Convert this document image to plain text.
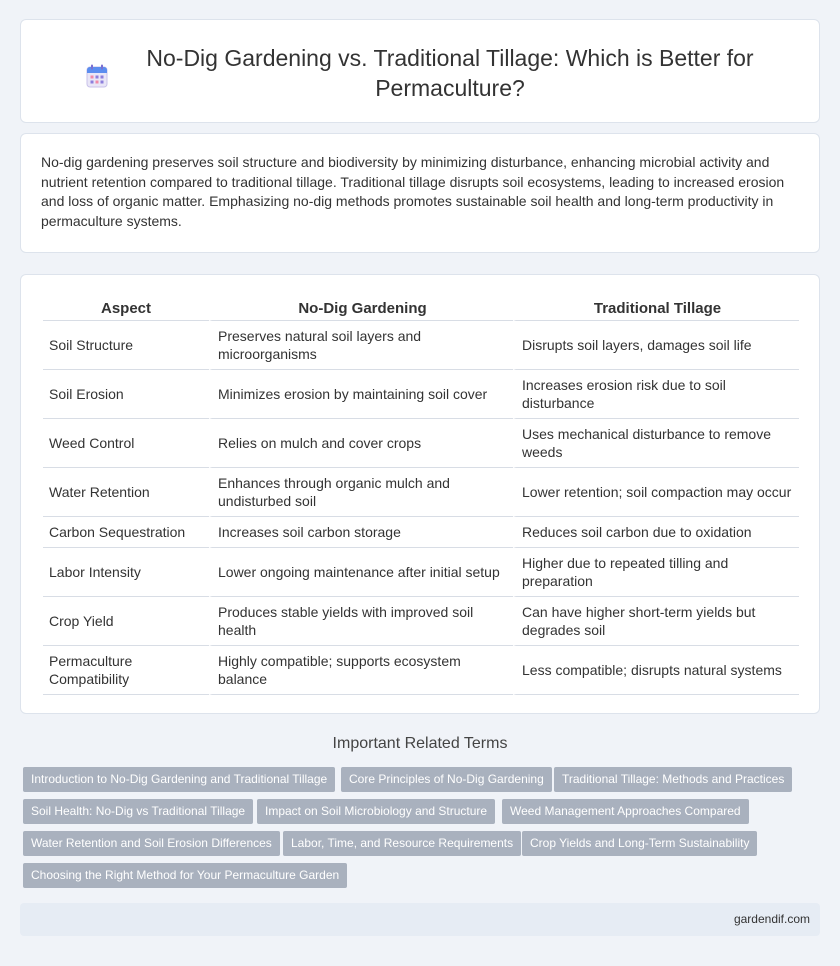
No-Dig Gardening vs. Traditional Tillage: Which is Better for Permaculture?

No-dig gardening preserves soil structure and biodiversity by minimizing disturbance, enhancing microbial activity and nutrient retention compared to traditional tillage. Traditional tillage disrupts soil ecosystems, leading to increased erosion and loss of organic matter. Emphasizing no-dig methods promotes sustainable soil health and long-term productivity in permaculture systems.

Aspect	No-Dig Gardening	Traditional Tillage
Soil Structure	Preserves natural soil layers and microorganisms	Disrupts soil layers, damages soil life
Soil Erosion	Minimizes erosion by maintaining soil cover	Increases erosion risk due to soil disturbance
Weed Control	Relies on mulch and cover crops	Uses mechanical disturbance to remove weeds
Water Retention	Enhances through organic mulch and undisturbed soil	Lower retention; soil compaction may occur
Carbon Sequestration	Increases soil carbon storage	Reduces soil carbon due to oxidation
Labor Intensity	Lower ongoing maintenance after initial setup	Higher due to repeated tilling and preparation
Crop Yield	Produces stable yields with improved soil health	Can have higher short-term yields but degrades soil
Permaculture Compatibility	Highly compatible; supports ecosystem balance	Less compatible; disrupts natural systems
Important Related Terms
Introduction to No-Dig Gardening and Traditional Tillage	Core Principles of No-Dig Gardening	Traditional Tillage: Methods and Practices
Soil Health: No-Dig vs Traditional Tillage	Impact on Soil Microbiology and Structure	Weed Management Approaches Compared
Water Retention and Soil Erosion Differences	Labor, Time, and Resource Requirements	Crop Yields and Long-Term Sustainability
Choosing the Right Method for Your Permaculture Garden
gardendif.com
